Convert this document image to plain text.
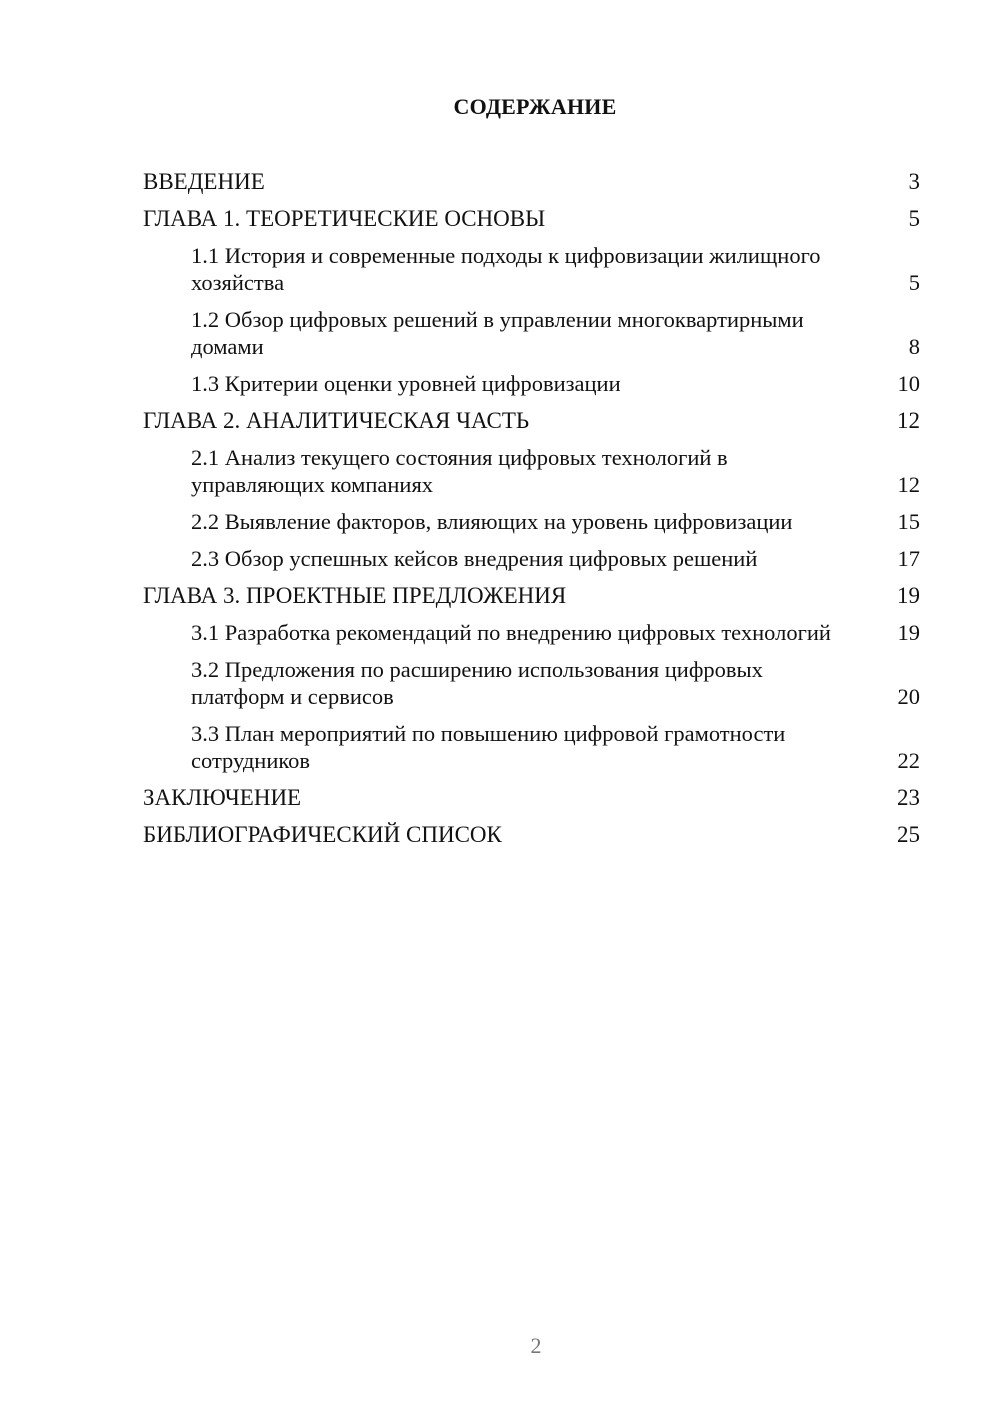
СОДЕРЖАНИЕ
ВВЕДЕНИЕ	3
ГЛАВА 1. ТЕОРЕТИЧЕСКИЕ ОСНОВЫ	5
1.1 История и современные подходы к цифровизации жилищного хозяйства	5
1.2 Обзор цифровых решений в управлении многоквартирными домами	8
1.3 Критерии оценки уровней цифровизации	10
ГЛАВА 2. АНАЛИТИЧЕСКАЯ ЧАСТЬ	12
2.1 Анализ текущего состояния цифровых технологий в управляющих компаниях	12
2.2 Выявление факторов, влияющих на уровень цифровизации	15
2.3 Обзор успешных кейсов внедрения цифровых решений	17
ГЛАВА 3. ПРОЕКТНЫЕ ПРЕДЛОЖЕНИЯ	19
3.1 Разработка рекомендаций по внедрению цифровых технологий	19
3.2 Предложения по расширению использования цифровых платформ и сервисов	20
3.3 План мероприятий по повышению цифровой грамотности сотрудников	22
ЗАКЛЮЧЕНИЕ	23
БИБЛИОГРАФИЧЕСКИЙ СПИСОК	25
2
